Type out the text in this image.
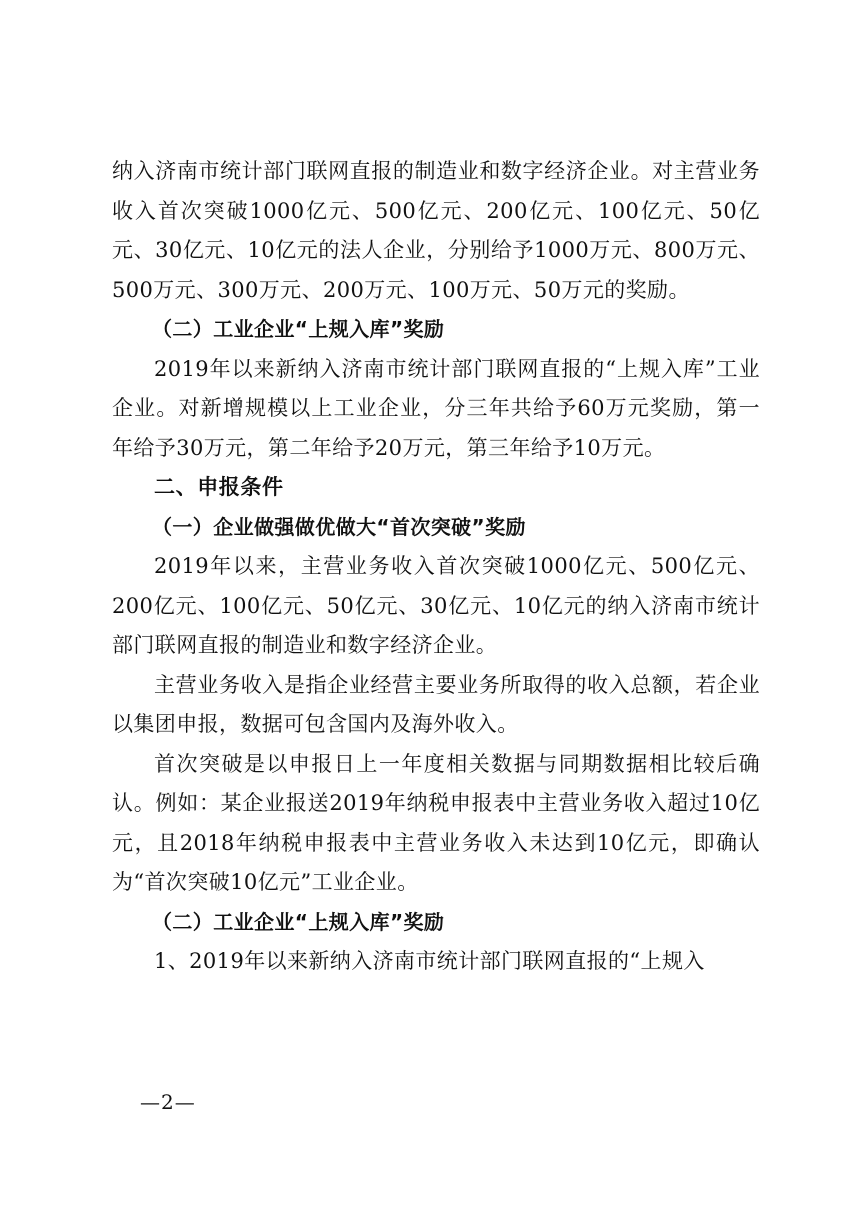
纳入济南市统计部门联网直报的制造业和数字经济企业。对主营业务收入首次突破1000亿元、500亿元、200亿元、100亿元、50亿元、30亿元、10亿元的法人企业，分别给予1000万元、800万元、500万元、300万元、200万元、100万元、50万元的奖励。

（二）工业企业“上规入库”奖励

2019年以来新纳入济南市统计部门联网直报的“上规入库”工业企业。对新增规模以上工业企业，分三年共给予60万元奖励，第一年给予30万元，第二年给予20万元，第三年给予10万元。

二、申报条件

（一）企业做强做优做大“首次突破”奖励

2019年以来，主营业务收入首次突破1000亿元、500亿元、200亿元、100亿元、50亿元、30亿元、10亿元的纳入济南市统计部门联网直报的制造业和数字经济企业。

主营业务收入是指企业经营主要业务所取得的收入总额，若企业以集团申报，数据可包含国内及海外收入。

首次突破是以申报日上一年度相关数据与同期数据相比较后确认。例如：某企业报送2019年纳税申报表中主营业务收入超过10亿元，且2018年纳税申报表中主营业务收入未达到10亿元，即确认为“首次突破10亿元”工业企业。

（二）工业企业“上规入库”奖励

1、2019年以来新纳入济南市统计部门联网直报的“上规入

—2—
